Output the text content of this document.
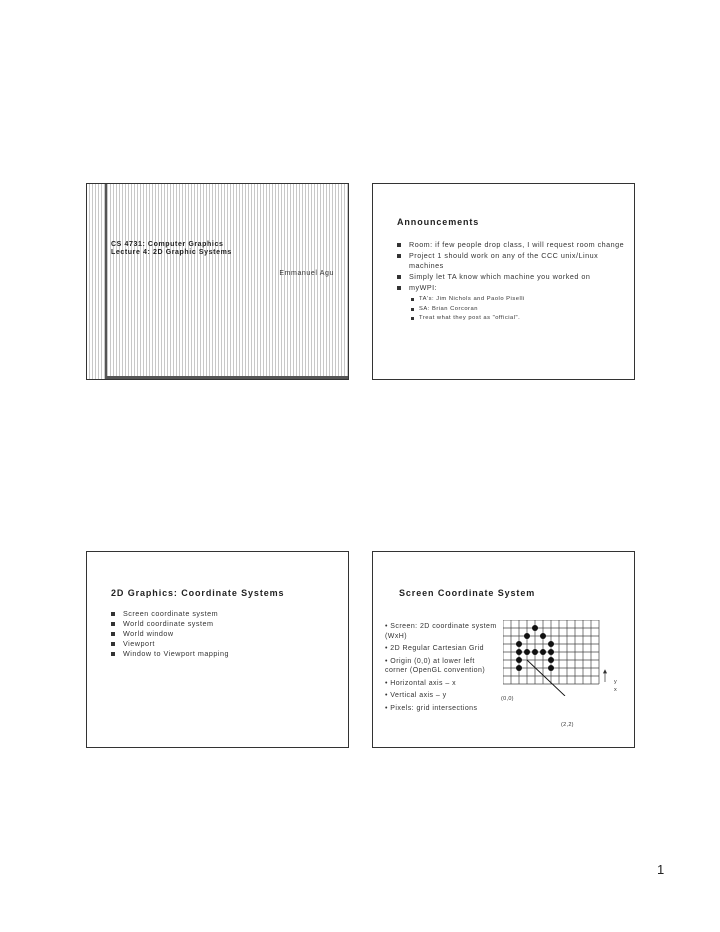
CS 4731: Computer Graphics
Lecture 4: 2D Graphic Systems
Emmanuel Agu
Announcements
Room: if few people drop class, I will request room change
Project 1 should work on any of the CCC unix/Linux machines
Simply let TA know which machine you worked on
myWPI:
TA's: Jim Nichols and Paolo Piselli
SA: Brian Corcoran
Treat what they post as "official".
2D Graphics: Coordinate Systems
Screen coordinate system
World coordinate system
World window
Viewport
Window to Viewport mapping
Screen Coordinate System
• Screen: 2D coordinate system (WxH)
• 2D Regular Cartesian Grid
• Origin (0,0) at lower left corner (OpenGL convention)
• Horizontal axis – x
• Vertical axis – y
• Pixels: grid intersections
x
y
(0,0)
(2,2)
1
